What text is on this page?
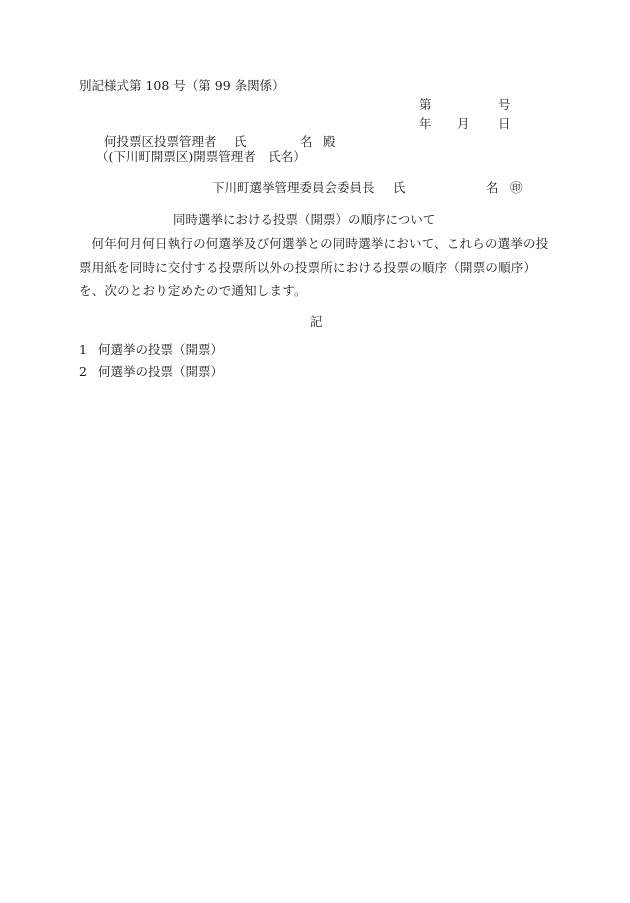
別記様式第 108 号（第 99 条関係）
第	号
年 月 日
何投票区投票管理者 氏	名 殿
（(下川町開票区)開票管理者　氏名）
下川町選挙管理委員会委員長 氏	名 ㊞
同時選挙における投票（開票）の順序について
何年何月何日執行の何選挙及び何選挙との同時選挙において、これらの選挙の投票用紙を同時に交付する投票所以外の投票所における投票の順序（開票の順序）を、次のとおり定めたので通知します。
記
1 何選挙の投票（開票）
2 何選挙の投票（開票）
